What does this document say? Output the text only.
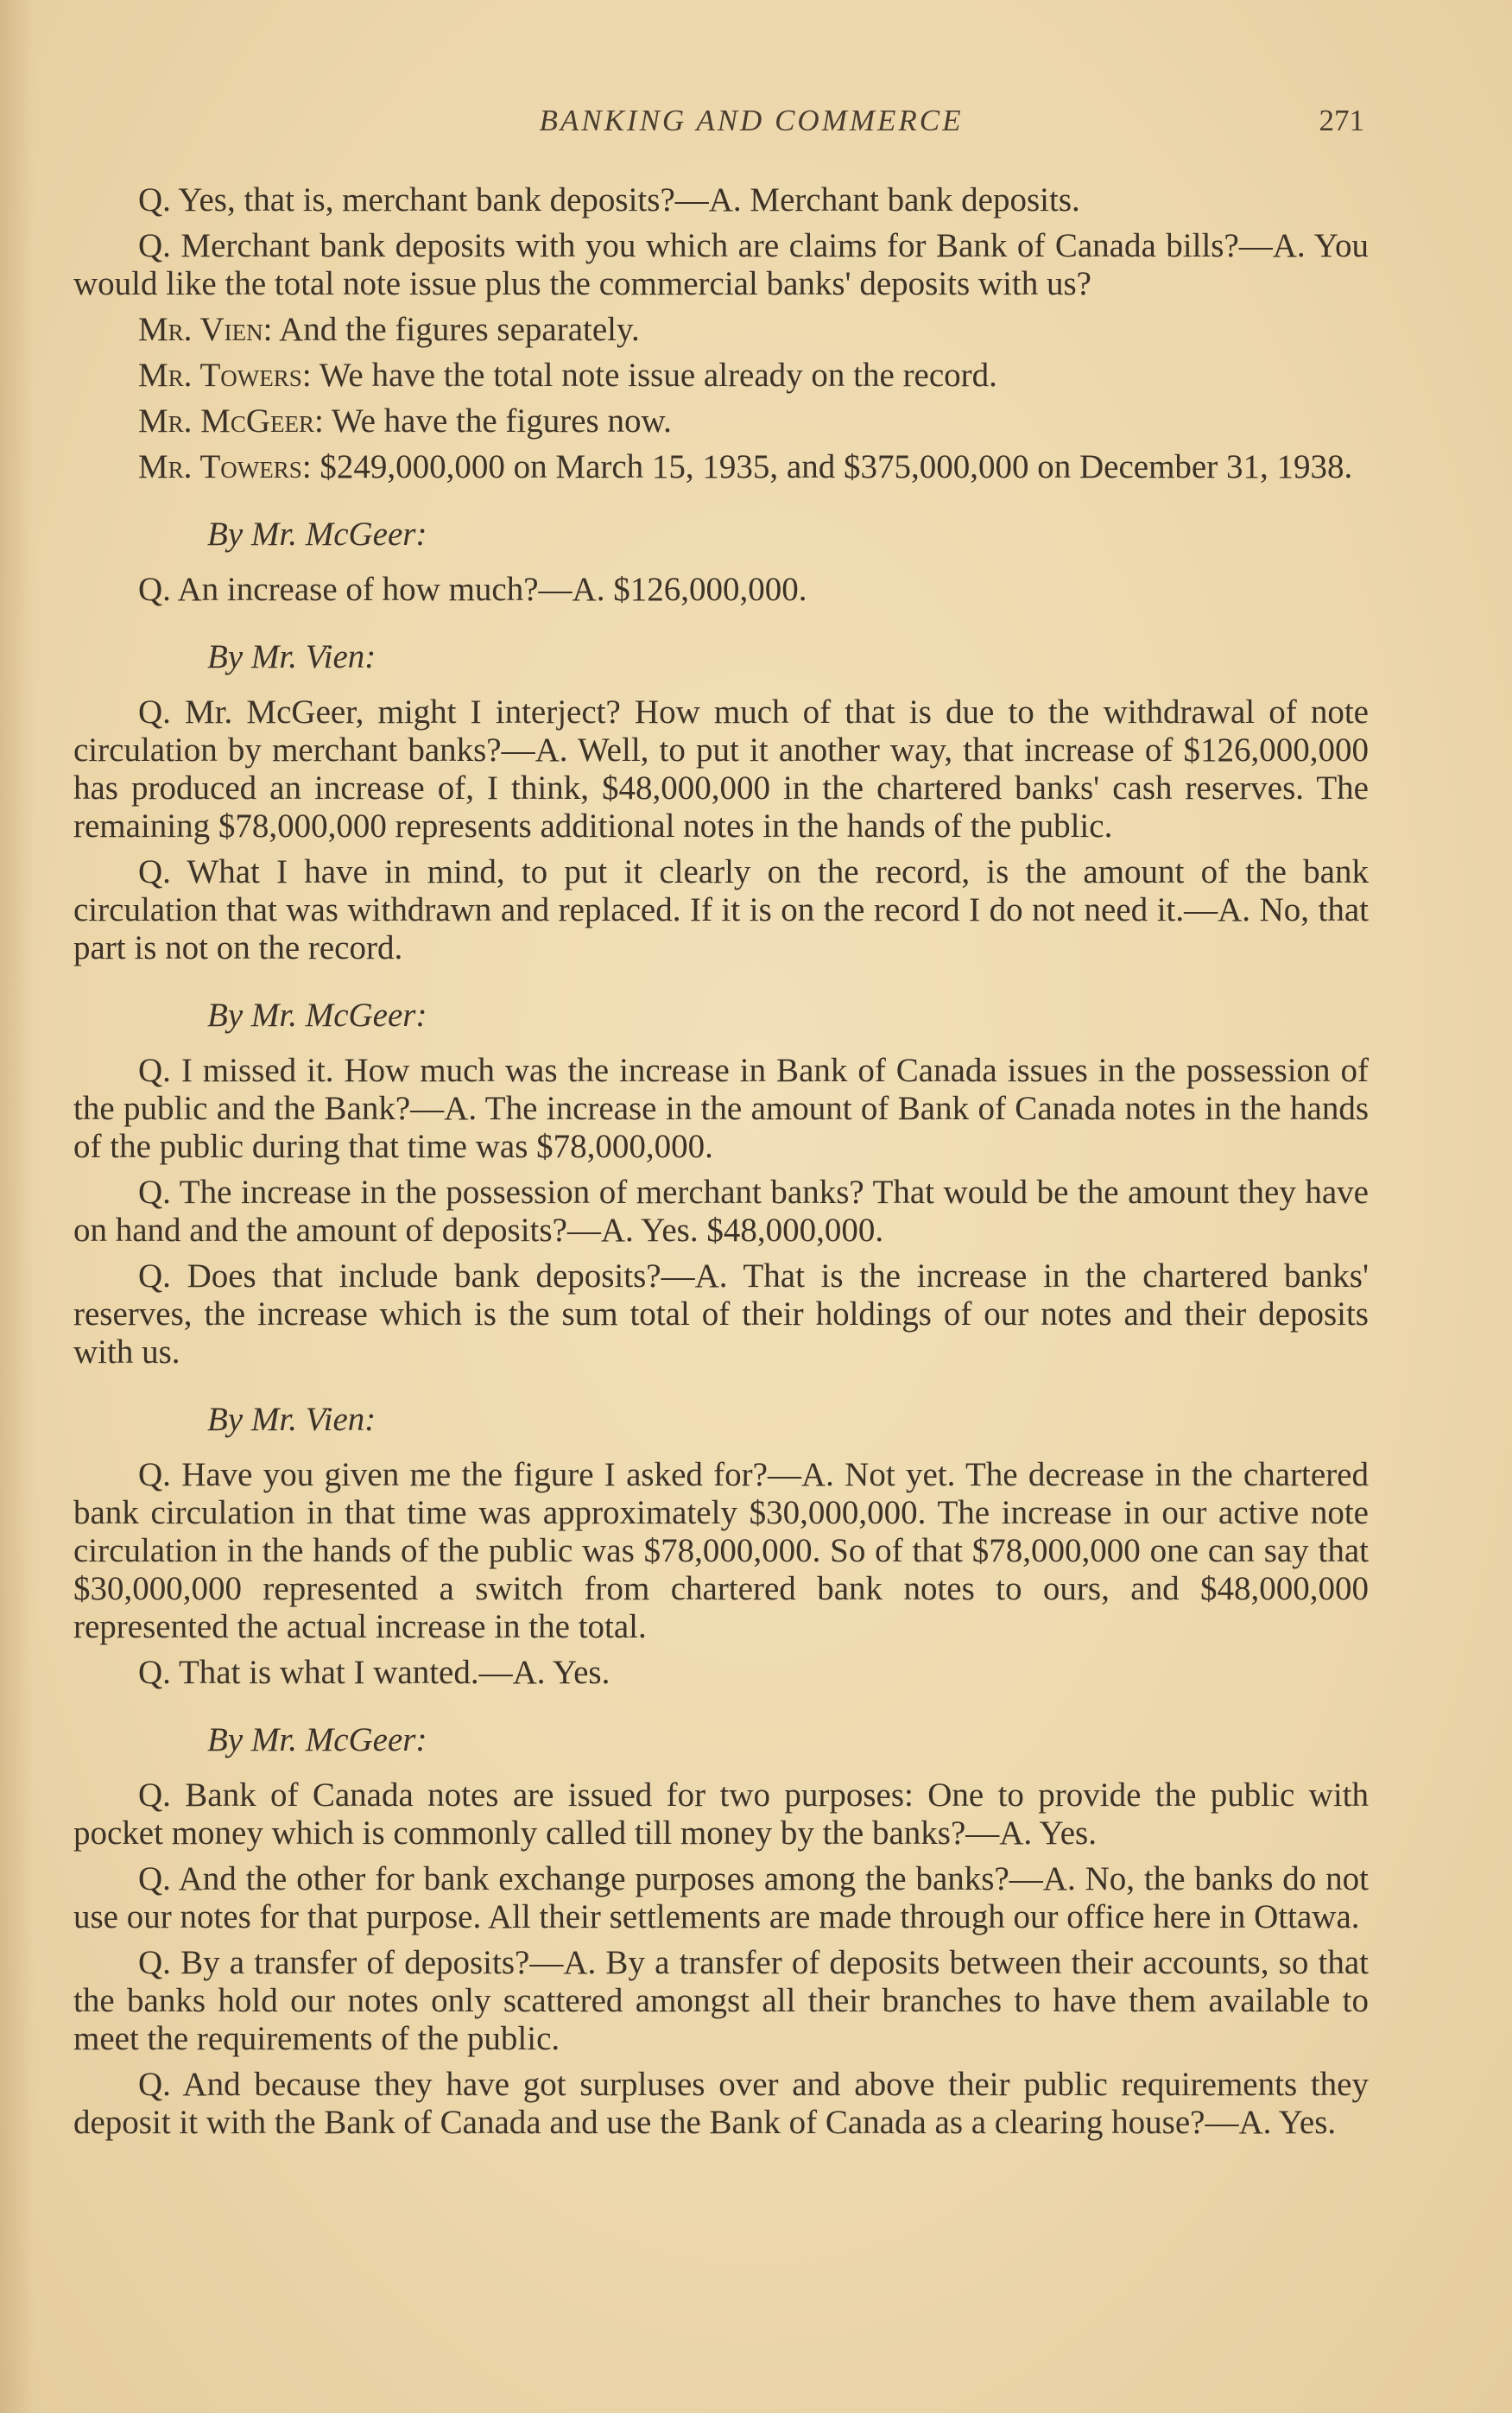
BANKING AND COMMERCE	271

Q. Yes, that is, merchant bank deposits?—A. Merchant bank deposits.

Q. Merchant bank deposits with you which are claims for Bank of Canada bills?—A. You would like the total note issue plus the commercial banks' deposits with us?

Mr. Vien: And the figures separately.

Mr. Towers: We have the total note issue already on the record.

Mr. McGeer: We have the figures now.

Mr. Towers: $249,000,000 on March 15, 1935, and $375,000,000 on December 31, 1938.

By Mr. McGeer:

Q. An increase of how much?—A. $126,000,000.

By Mr. Vien:

Q. Mr. McGeer, might I interject? How much of that is due to the withdrawal of note circulation by merchant banks?—A. Well, to put it another way, that increase of $126,000,000 has produced an increase of, I think, $48,000,000 in the chartered banks' cash reserves. The remaining $78,000,000 represents additional notes in the hands of the public.

Q. What I have in mind, to put it clearly on the record, is the amount of the bank circulation that was withdrawn and replaced. If it is on the record I do not need it.—A. No, that part is not on the record.

By Mr. McGeer:

Q. I missed it. How much was the increase in Bank of Canada issues in the possession of the public and the Bank?—A. The increase in the amount of Bank of Canada notes in the hands of the public during that time was $78,000,000.

Q. The increase in the possession of merchant banks? That would be the amount they have on hand and the amount of deposits?—A. Yes. $48,000,000.

Q. Does that include bank deposits?—A. That is the increase in the chartered banks' reserves, the increase which is the sum total of their holdings of our notes and their deposits with us.

By Mr. Vien:

Q. Have you given me the figure I asked for?—A. Not yet. The decrease in the chartered bank circulation in that time was approximately $30,000,000. The increase in our active note circulation in the hands of the public was $78,000,000. So of that $78,000,000 one can say that $30,000,000 represented a switch from chartered bank notes to ours, and $48,000,000 represented the actual increase in the total.

Q. That is what I wanted.—A. Yes.

By Mr. McGeer:

Q. Bank of Canada notes are issued for two purposes: One to provide the public with pocket money which is commonly called till money by the banks?—A. Yes.

Q. And the other for bank exchange purposes among the banks?—A. No, the banks do not use our notes for that purpose. All their settlements are made through our office here in Ottawa.

Q. By a transfer of deposits?—A. By a transfer of deposits between their accounts, so that the banks hold our notes only scattered amongst all their branches to have them available to meet the requirements of the public.

Q. And because they have got surpluses over and above their public requirements they deposit it with the Bank of Canada and use the Bank of Canada as a clearing house?—A. Yes.
